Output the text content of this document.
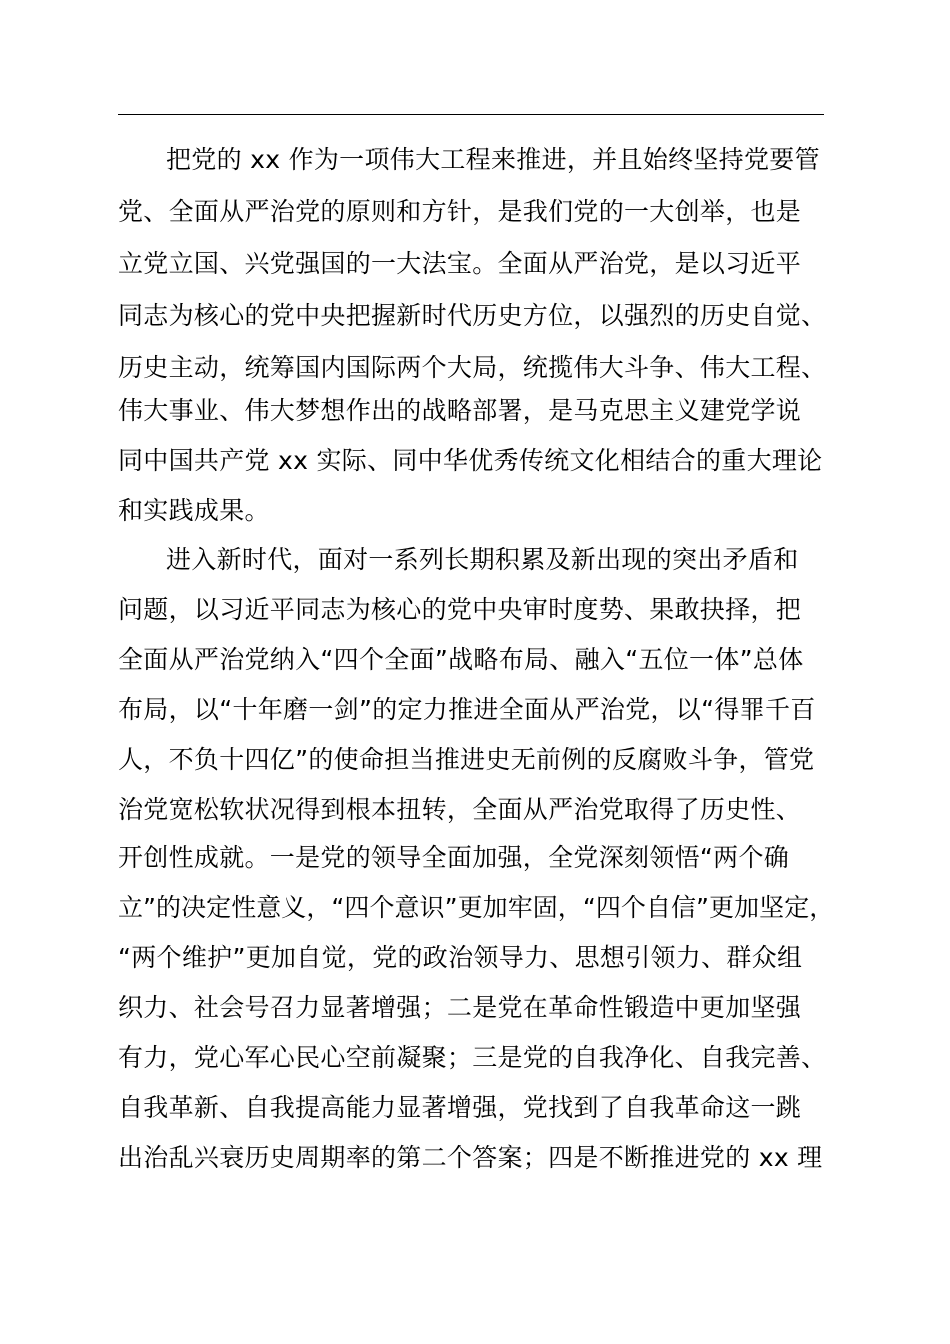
把党的 xx 作为一项伟大工程来推进，并且始终坚持党要管
党、全面从严治党的原则和方针，是我们党的一大创举，也是
立党立国、兴党强国的一大法宝。全面从严治党，是以习近平
同志为核心的党中央把握新时代历史方位，以强烈的历史自觉、
历史主动，统筹国内国际两个大局，统揽伟大斗争、伟大工程、
伟大事业、伟大梦想作出的战略部署，是马克思主义建党学说
同中国共产党 xx 实际、同中华优秀传统文化相结合的重大理论
和实践成果。
进入新时代，面对一系列长期积累及新出现的突出矛盾和
问题，以习近平同志为核心的党中央审时度势、果敢抉择，把
全面从严治党纳入“四个全面”战略布局、融入“五位一体”总体
布局，以“十年磨一剑”的定力推进全面从严治党，以“得罪千百
人，不负十四亿”的使命担当推进史无前例的反腐败斗争，管党
治党宽松软状况得到根本扭转，全面从严治党取得了历史性、
开创性成就。一是党的领导全面加强，全党深刻领悟“两个确
立”的决定性意义，“四个意识”更加牢固，“四个自信”更加坚定，
“两个维护”更加自觉，党的政治领导力、思想引领力、群众组
织力、社会号召力显著增强；二是党在革命性锻造中更加坚强
有力，党心军心民心空前凝聚；三是党的自我净化、自我完善、
自我革新、自我提高能力显著增强，党找到了自我革命这一跳
出治乱兴衰历史周期率的第二个答案；四是不断推进党的 xx 理
